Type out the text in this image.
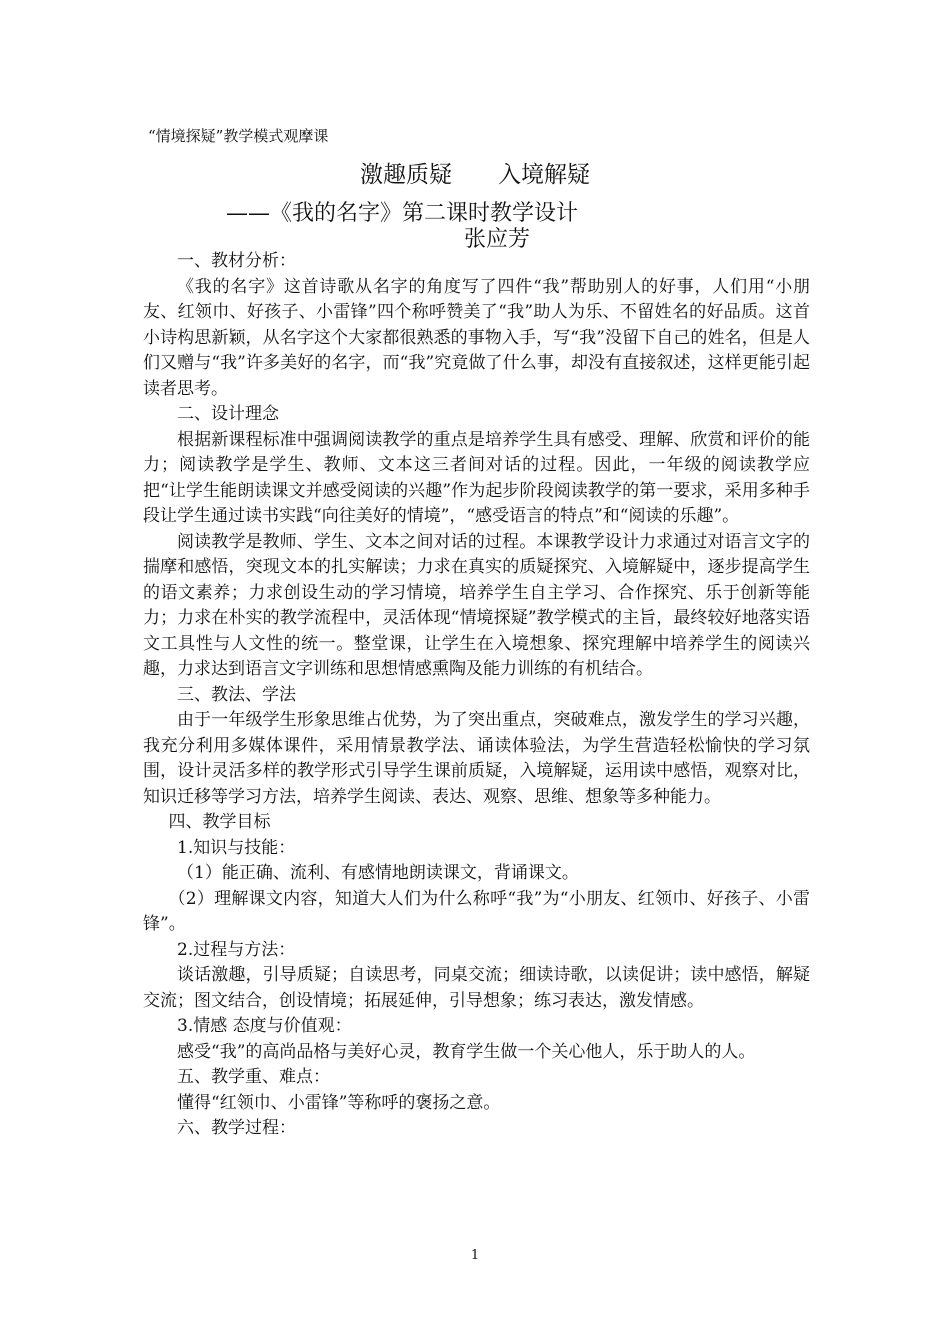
“情境探疑”教学模式观摩课
激趣质疑　　入境解疑
——《我的名字》第二课时教学设计
张应芳

一、教材分析：

《我的名字》这首诗歌从名字的角度写了四件“我”帮助别人的好事，人们用“小朋友、红领巾、好孩子、小雷锋”四个称呼赞美了“我”助人为乐、不留姓名的好品质。这首小诗构思新颖，从名字这个大家都很熟悉的事物入手，写“我”没留下自己的姓名，但是人们又赠与“我”许多美好的名字，而“我”究竟做了什么事，却没有直接叙述，这样更能引起读者思考。

二、设计理念

根据新课程标准中强调阅读教学的重点是培养学生具有感受、理解、欣赏和评价的能力；阅读教学是学生、教师、文本这三者间对话的过程。因此，一年级的阅读教学应把“让学生能朗读课文并感受阅读的兴趣”作为起步阶段阅读教学的第一要求，采用多种手段让学生通过读书实践“向往美好的情境”，“感受语言的特点”和“阅读的乐趣”。

阅读教学是教师、学生、文本之间对话的过程。本课教学设计力求通过对语言文字的揣摩和感悟，突现文本的扎实解读；力求在真实的质疑探究、入境解疑中，逐步提高学生的语文素养；力求创设生动的学习情境，培养学生自主学习、合作探究、乐于创新等能力；力求在朴实的教学流程中，灵活体现“情境探疑”教学模式的主旨，最终较好地落实语文工具性与人文性的统一。整堂课，让学生在入境想象、探究理解中培养学生的阅读兴趣，力求达到语言文字训练和思想情感熏陶及能力训练的有机结合。

三、教法、学法

由于一年级学生形象思维占优势，为了突出重点，突破难点，激发学生的学习兴趣，我充分利用多媒体课件，采用情景教学法、诵读体验法，为学生营造轻松愉快的学习氛围，设计灵活多样的教学形式引导学生课前质疑，入境解疑，运用读中感悟，观察对比，知识迁移等学习方法，培养学生阅读、表达、观察、思维、想象等多种能力。

四、教学目标

1.知识与技能：

（1）能正确、流利、有感情地朗读课文，背诵课文。

（2）理解课文内容，知道大人们为什么称呼“我”为“小朋友、红领巾、好孩子、小雷锋”。

2.过程与方法：

谈话激趣，引导质疑；自读思考，同桌交流；细读诗歌，以读促讲；读中感悟，解疑交流；图文结合，创设情境；拓展延伸，引导想象；练习表达，激发情感。

3.情感 态度与价值观：

感受“我”的高尚品格与美好心灵，教育学生做一个关心他人，乐于助人的人。

五、教学重、难点：

懂得“红领巾、小雷锋”等称呼的褒扬之意。

六、教学过程：

1
